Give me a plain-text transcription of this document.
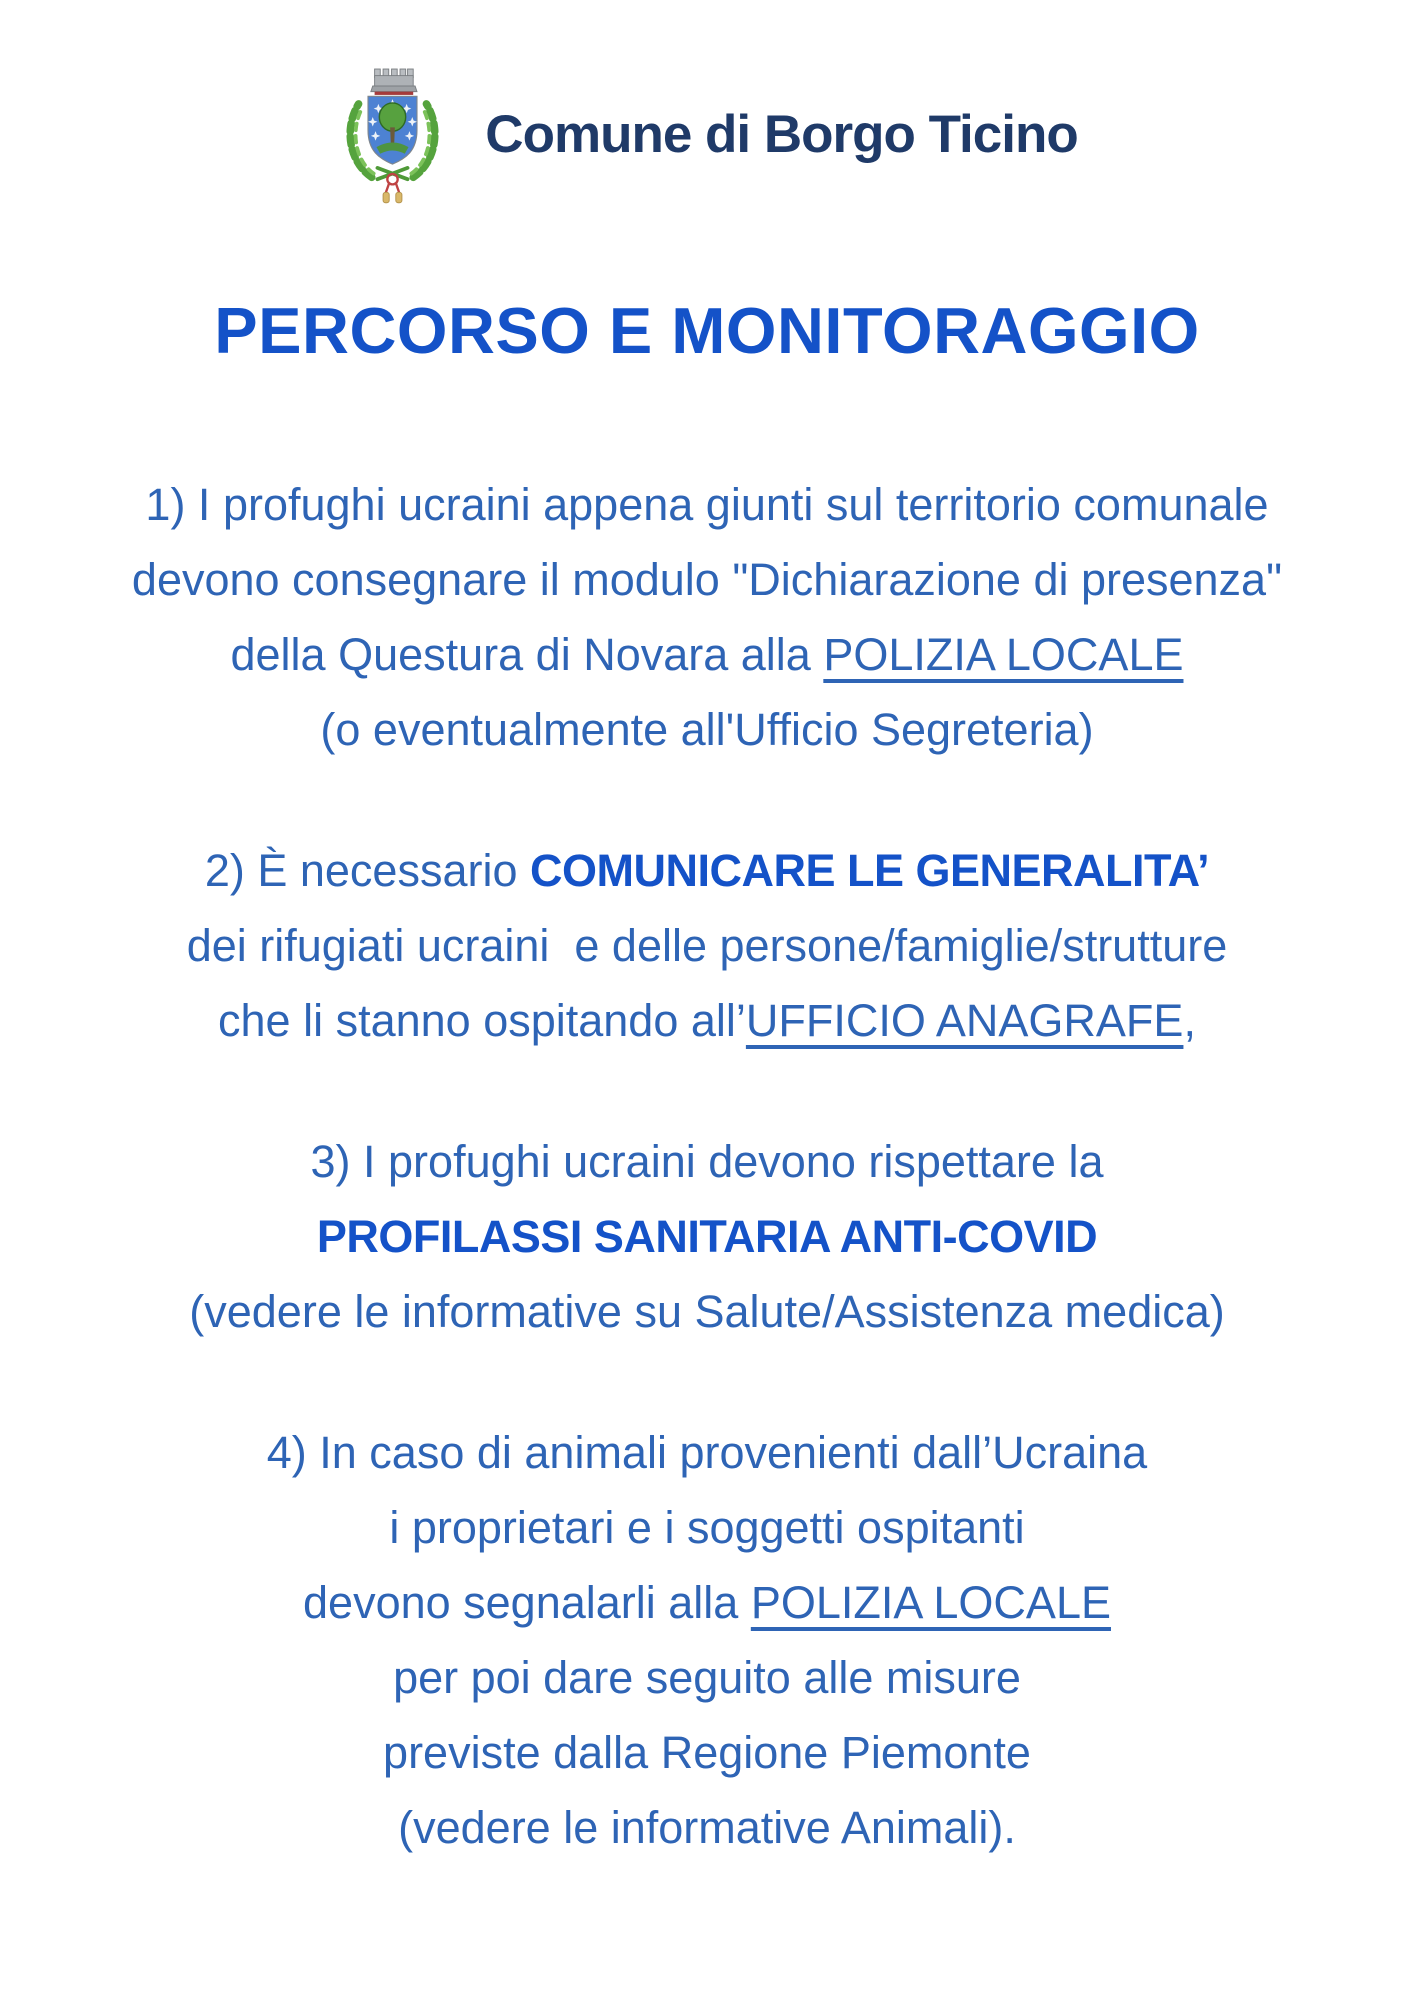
Comune di Borgo Ticino
PERCORSO E MONITORAGGIO

1) I profughi ucraini appena giunti sul territorio comunale
devono consegnare il modulo "Dichiarazione di presenza"
della Questura di Novara alla POLIZIA LOCALE
(o eventualmente all'Ufficio Segreteria)

2) È necessario COMUNICARE LE GENERALITA’
dei rifugiati ucraini  e delle persone/famiglie/strutture
che li stanno ospitando all’UFFICIO ANAGRAFE,

3) I profughi ucraini devono rispettare la
PROFILASSI SANITARIA ANTI-COVID
(vedere le informative su Salute/Assistenza medica)

4) In caso di animali provenienti dall’Ucraina
i proprietari e i soggetti ospitanti
devono segnalarli alla POLIZIA LOCALE
per poi dare seguito alle misure
previste dalla Regione Piemonte
(vedere le informative Animali).
